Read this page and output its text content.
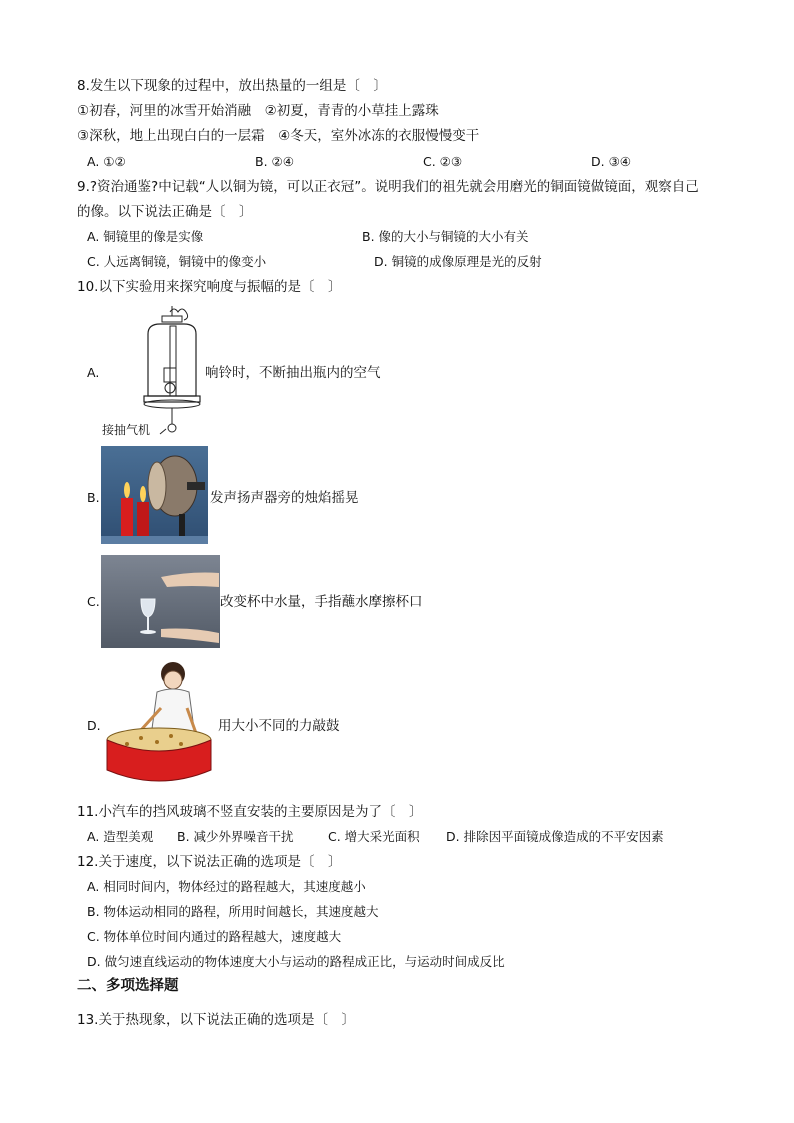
8.发生以下现象的过程中，放出热量的一组是〔　〕
①初春，河里的冰雪开始消融　②初夏，青青的小草挂上露珠
③深秋，地上出现白白的一层霜　④冬天，室外冰冻的衣服慢慢变干
A. ①②	B. ②④	C. ②③	D. ③④
9.?资治通鉴?中记载“人以铜为镜，可以正衣冠”。说明我们的祖先就会用磨光的铜面镜做镜面，观察自己
的像。以下说法正确是〔　〕
A. 铜镜里的像是实像	B. 像的大小与铜镜的大小有关
C. 人远离铜镜，铜镜中的像变小	D. 铜镜的成像原理是光的反射
10.以下实验用来探究响度与振幅的是〔　〕
A.
接抽气机
响铃时，不断抽出瓶内的空气
B.	发声扬声器旁的烛焰摇晃
C.	改变杯中水量，手指蘸水摩擦杯口
D.	用大小不同的力敲鼓
11.小汽车的挡风玻璃不竖直安装的主要原因是为了〔　〕
A. 造型美观 B. 减少外界噪音干扰	C. 增大采光面积 D. 排除因平面镜成像造成的不平安因素
12.关于速度，以下说法正确的选项是〔　〕
A. 相同时间内，物体经过的路程越大，其速度越小
B. 物体运动相同的路程，所用时间越长，其速度越大
C. 物体单位时间内通过的路程越大，速度越大
D. 做匀速直线运动的物体速度大小与运动的路程成正比，与运动时间成反比
二、多项选择题
13.关于热现象，以下说法正确的选项是〔　〕
